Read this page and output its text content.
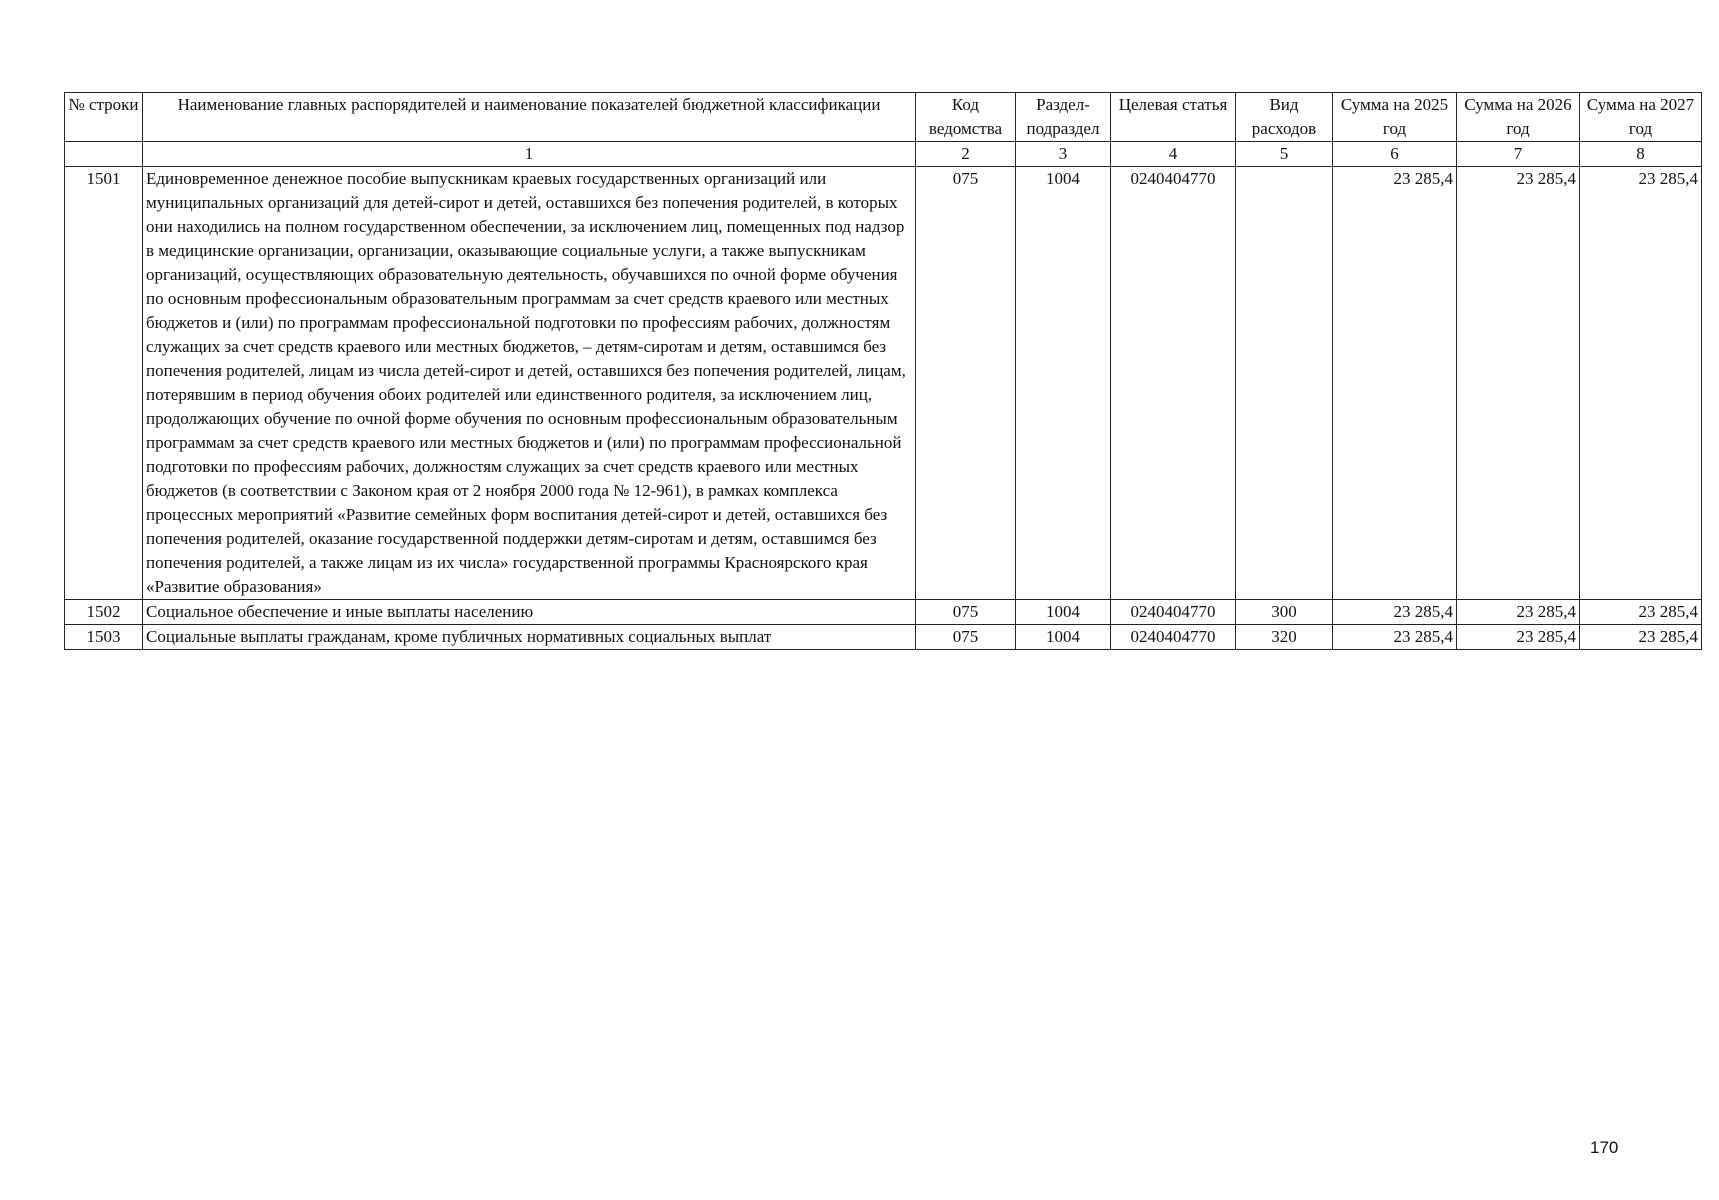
№ строки	Наименование главных распорядителей и наименование показателей бюджетной классификации	Код ведомства	Раздел-подраздел	Целевая статья	Вид расходов	Сумма на 2025 год	Сумма на 2026 год	Сумма на 2027 год
	1	2	3	4	5	6	7	8
1501	Единовременное денежное пособие выпускникам краевых государственных организаций или муниципальных организаций для детей-сирот и детей, оставшихся без попечения родителей, в которых они находились на полном государственном обеспечении, за исключением лиц, помещенных под надзор в медицинские организации, организации, оказывающие социальные услуги, а также выпускникам организаций, осуществляющих образовательную деятельность, обучавшихся по очной форме обучения по основным профессиональным образовательным программам за счет средств краевого или местных бюджетов и (или) по программам профессиональной подготовки по профессиям рабочих, должностям служащих за счет средств краевого или местных бюджетов, – детям-сиротам и детям, оставшимся без попечения родителей, лицам из числа детей-сирот и детей, оставшихся без попечения родителей, лицам, потерявшим в период обучения обоих родителей или единственного родителя, за исключением лиц, продолжающих обучение по очной форме обучения по основным профессиональным образовательным программам за счет средств краевого или местных бюджетов и (или) по программам профессиональной подготовки по профессиям рабочих, должностям служащих за счет средств краевого или местных бюджетов (в соответствии с Законом края от 2 ноября 2000 года № 12-961), в рамках комплекса процессных мероприятий «Развитие семейных форм воспитания детей-сирот и детей, оставшихся без попечения родителей, оказание государственной поддержки детям-сиротам и детям, оставшимся без попечения родителей, а также лицам из их числа» государственной программы Красноярского края «Развитие образования»	075	1004	0240404770		23 285,4	23 285,4	23 285,4
1502	Социальное обеспечение и иные выплаты населению	075	1004	0240404770	300	23 285,4	23 285,4	23 285,4
1503	Социальные выплаты гражданам, кроме публичных нормативных социальных выплат	075	1004	0240404770	320	23 285,4	23 285,4	23 285,4
170
